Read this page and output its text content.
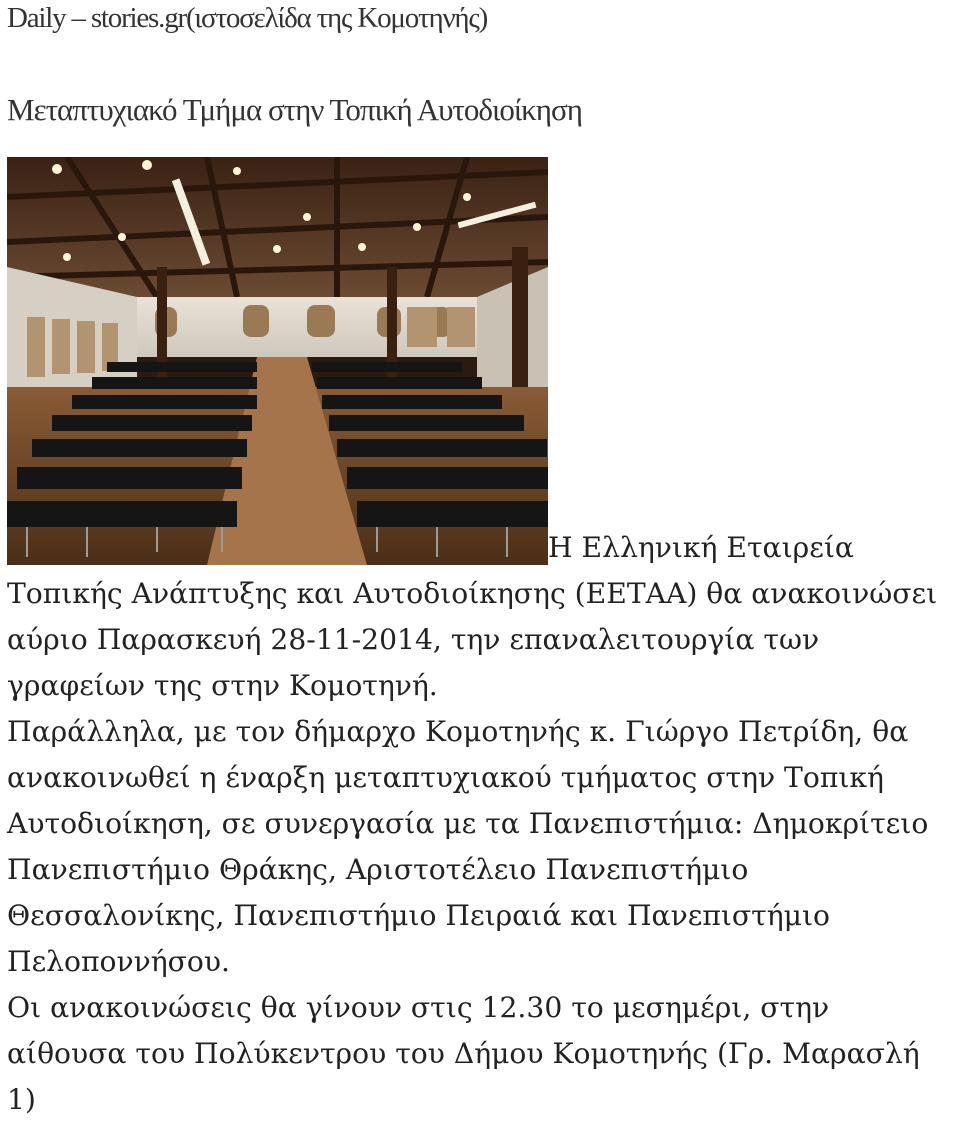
Daily – stories.gr(ιστοσελίδα της Κομοτηνής)
Μεταπτυχιακό Τμήμα στην Τοπική Αυτοδιοίκηση
Η Ελληνική Εταιρεία
Τοπικής Ανάπτυξης και Αυτοδιοίκησης (ΕΕΤΑΑ) θα ανακοινώσει αύριο Παρασκευή 28-11-2014, την επαναλειτουργία των γραφείων της στην Κομοτηνή.
Παράλληλα, με τον δήμαρχο Κομοτηνής κ. Γιώργο Πετρίδη, θα ανακοινωθεί η έναρξη μεταπτυχιακού τμήματος στην Τοπική Αυτοδιοίκηση, σε συνεργασία με τα Πανεπιστήμια: Δημοκρίτειο Πανεπιστήμιο Θράκης, Αριστοτέλειο Πανεπιστήμιο Θεσσαλονίκης, Πανεπιστήμιο Πειραιά και Πανεπιστήμιο Πελοποννήσου.
Οι ανακοινώσεις θα γίνουν στις 12.30 το μεσημέρι, στην αίθουσα του Πολύκεντρου του Δήμου Κομοτηνής (Γρ. Μαρασλή 1)
